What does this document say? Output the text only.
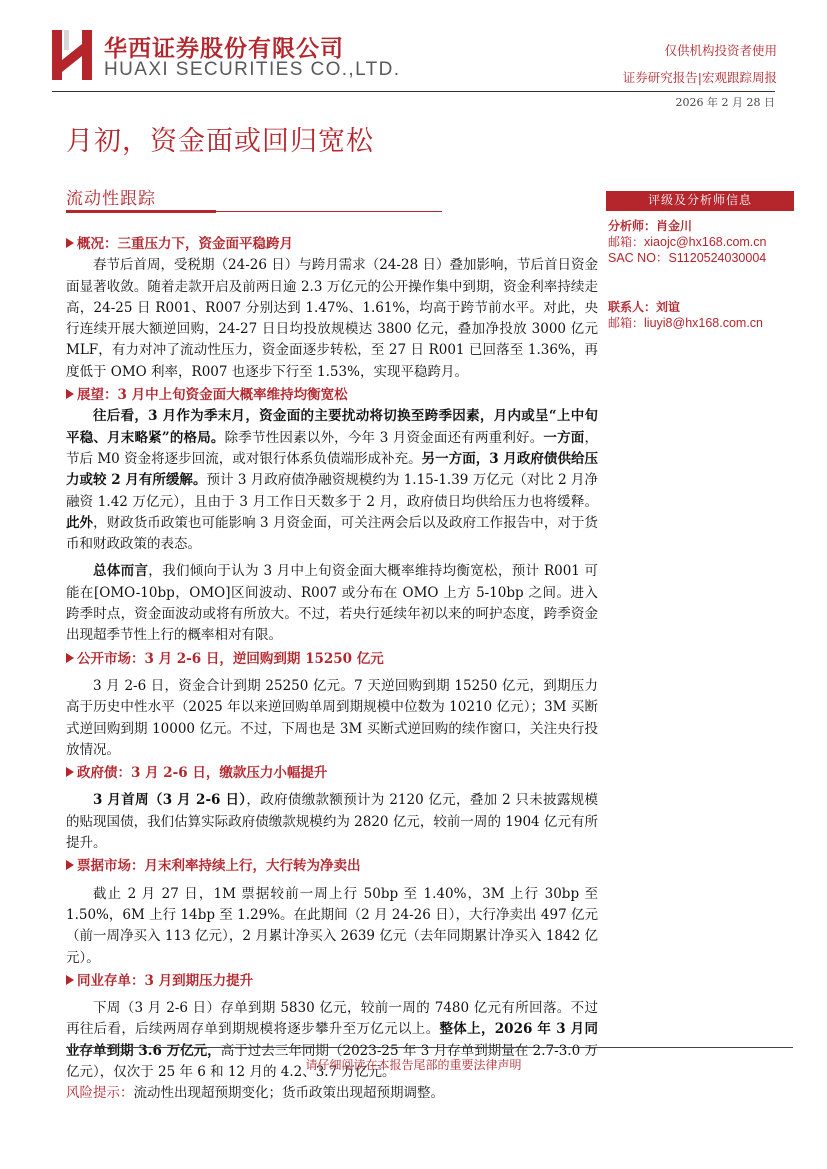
华西证券股份有限公司
HUAXI SECURITIES CO.,LTD.
仅供机构投资者使用
证券研究报告|宏观跟踪周报
2026 年 2 月 28 日
月初，资金面或回归宽松
流动性跟踪	评级及分析师信息
分析师：肖金川
邮箱：xiaojc@hx168.com.cn
SAC NO：S1120524030004
联系人：刘谊
邮箱：liuyi8@hx168.com.cn

概况：三重压力下，资金面平稳跨月

春节后首周，受税期（24-26 日）与跨月需求（24-28 日）叠加影响，节后首日资金面显著收敛。随着走款开启及前两日逾 2.3 万亿元的公开操作集中到期，资金利率持续走高，24-25 日 R001、R007 分别达到 1.47%、1.61%，均高于跨节前水平。对此，央行连续开展大额逆回购，24-27 日日均投放规模达 3800 亿元，叠加净投放 3000 亿元 MLF，有力对冲了流动性压力，资金面逐步转松，至 27 日 R001 已回落至 1.36%，再度低于 OMO 利率，R007 也逐步下行至 1.53%，实现平稳跨月。

展望：3 月中上旬资金面大概率维持均衡宽松

往后看，3 月作为季末月，资金面的主要扰动将切换至跨季因素，月内或呈“上中旬平稳、月末略紧”的格局。除季节性因素以外，今年 3 月资金面还有两重利好。一方面，节后 M0 资金将逐步回流，或对银行体系负债端形成补充。另一方面，3 月政府债供给压力或较 2 月有所缓解。预计 3 月政府债净融资规模约为 1.15-1.39 万亿元（对比 2 月净融资 1.42 万亿元），且由于 3 月工作日天数多于 2 月，政府债日均供给压力也将缓释。此外，财政货币政策也可能影响 3 月资金面，可关注两会后以及政府工作报告中，对于货币和财政政策的表态。

总体而言，我们倾向于认为 3 月中上旬资金面大概率维持均衡宽松，预计 R001 可能在[OMO-10bp，OMO]区间波动、R007 或分布在 OMO 上方 5-10bp 之间。进入跨季时点，资金面波动或将有所放大。不过，若央行延续年初以来的呵护态度，跨季资金出现超季节性上行的概率相对有限。

公开市场：3 月 2-6 日，逆回购到期 15250 亿元

3 月 2-6 日，资金合计到期 25250 亿元。7 天逆回购到期 15250 亿元，到期压力高于历史中性水平（2025 年以来逆回购单周到期规模中位数为 10210 亿元）；3M 买断式逆回购到期 10000 亿元。不过，下周也是 3M 买断式逆回购的续作窗口，关注央行投放情况。

政府债：3 月 2-6 日，缴款压力小幅提升

3 月首周（3 月 2-6 日），政府债缴款额预计为 2120 亿元，叠加 2 只未披露规模的贴现国债，我们估算实际政府债缴款规模约为 2820 亿元，较前一周的 1904 亿元有所提升。

票据市场：月末利率持续上行，大行转为净卖出

截止 2 月 27 日，1M 票据较前一周上行 50bp 至 1.40%，3M 上行 30bp 至 1.50%，6M 上行 14bp 至 1.29%。在此期间（2 月 24-26 日），大行净卖出 497 亿元（前一周净买入 113 亿元），2 月累计净买入 2639 亿元（去年同期累计净买入 1842 亿元）。

同业存单：3 月到期压力提升

下周（3 月 2-6 日）存单到期 5830 亿元，较前一周的 7480 亿元有所回落。不过再往后看，后续两周存单到期规模将逐步攀升至万亿元以上。整体上，2026 年 3 月同业存单到期 3.6 万亿元，高于过去三年同期（2023-25 年 3 月存单到期量在 2.7-3.0 万亿元），仅次于 25 年 6 和 12 月的 4.2、3.7 万亿元。

风险提示：流动性出现超预期变化；货币政策出现超预期调整。

请仔细阅读在本报告尾部的重要法律声明
